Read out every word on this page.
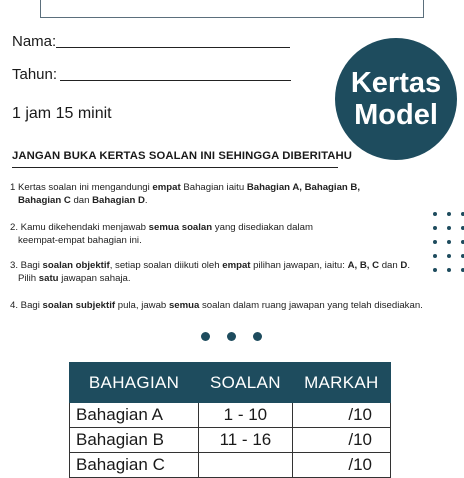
Nama:
Tahun:
1 jam 15 minit
Kertas
Model
JANGAN BUKA KERTAS SOALAN INI SEHINGGA DIBERITAHU
1 Kertas soalan ini mengandungi empat Bahagian iaitu Bahagian A, Bahagian B,
Bahagian C dan Bahagian D.
2. Kamu dikehendaki menjawab semua soalan yang disediakan dalam
keempat-empat bahagian ini.
3. Bagi soalan objektif, setiap soalan diikuti oleh empat pilihan jawapan, iaitu: A, B, C dan D.
Pilih satu jawapan sahaja.
4. Bagi soalan subjektif pula, jawab semua soalan dalam ruang jawapan yang telah disediakan.
BAHAGIAN	SOALAN	MARKAH
Bahagian A	1 - 10	/10
Bahagian B	11 - 16	/10
Bahagian C		/10
